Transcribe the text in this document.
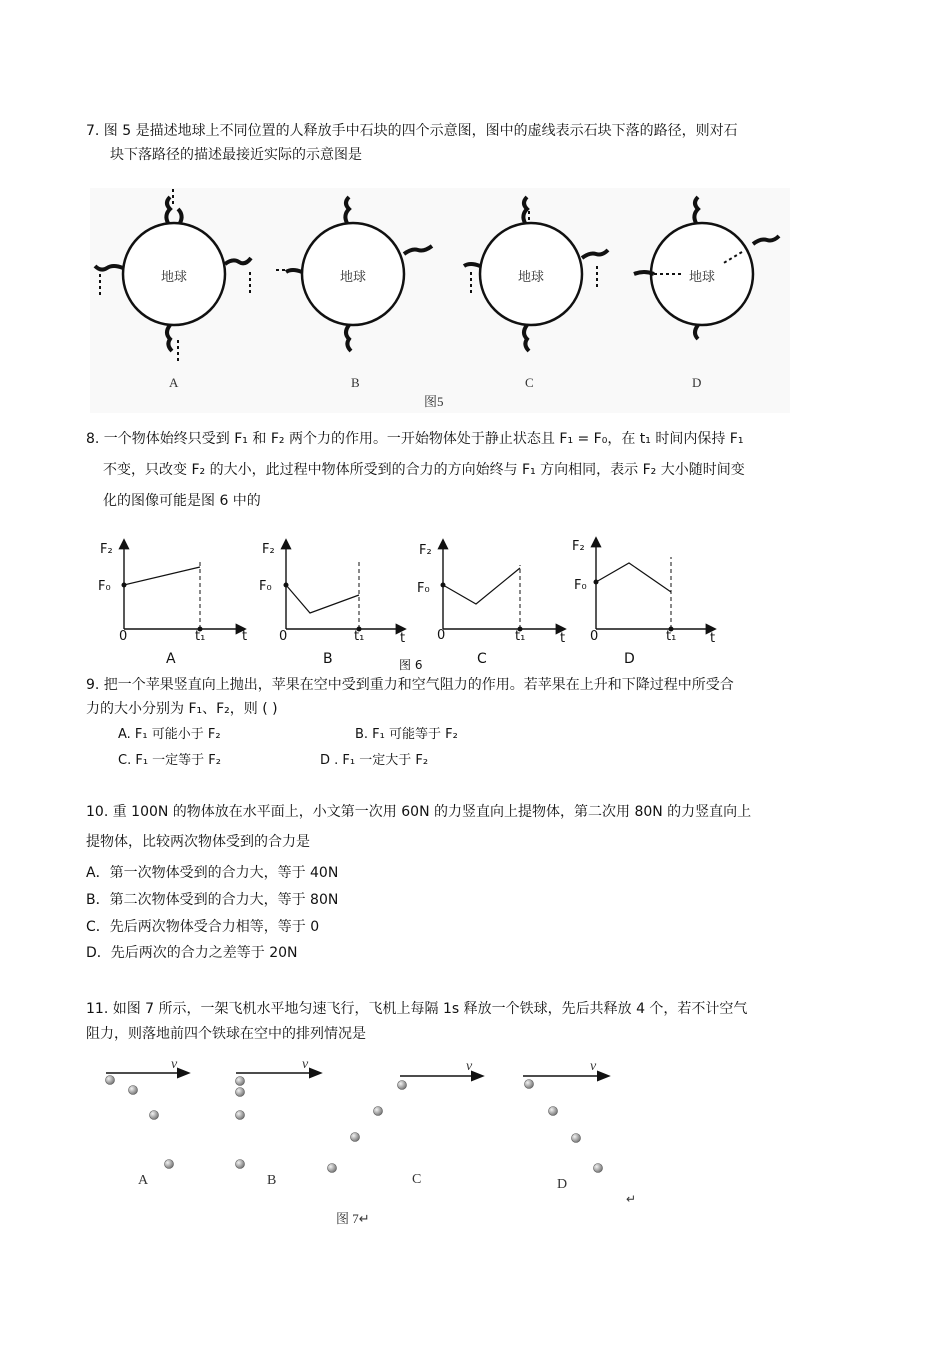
7. 图 5 是描述地球上不同位置的人释放手中石块的四个示意图，图中的虚线表示石块下落的路径，则对石
块下落路径的描述最接近实际的示意图是
地球	地球	地球	地球
A	B	C	D
图5
8. 一个物体始终只受到 F₁ 和 F₂ 两个力的作用。一开始物体处于静止状态且 F₁ = F₀，在 t₁ 时间内保持 F₁
不变，只改变 F₂ 的大小，此过程中物体所受到的合力的方向始终与 F₁ 方向相同，表示 F₂ 大小随时间变
化的图像可能是图 6 中的
F₂
F₀
0	t₁	t
F₂
F₀
0	t₁	t
F₂
F₀
0	t₁	t
F₂
F₀
0	t₁	t
A	B	C	D
图 6
9. 把一个苹果竖直向上抛出，苹果在空中受到重力和空气阻力的作用。若苹果在上升和下降过程中所受合
力的大小分别为 F₁、F₂，则 ( )
A. F₁ 可能小于 F₂	B. F₁ 可能等于 F₂
C. F₁ 一定等于 F₂	D . F₁ 一定大于 F₂
10. 重 100N 的物体放在水平面上，小文第一次用 60N 的力竖直向上提物体，第二次用 80N 的力竖直向上
提物体，比较两次物体受到的合力是
A．第一次物体受到的合力大，等于 40N
B．第二次物体受到的合力大，等于 80N
C．先后两次物体受合力相等，等于 0
D．先后两次的合力之差等于 20N
11. 如图 7 所示，一架飞机水平地匀速飞行，飞机上每隔 1s 释放一个铁球，先后共释放 4 个，若不计空气
阻力，则落地前四个铁球在空中的排列情况是
v	v	v	v
A	B	C	D
↵
图 7↵
